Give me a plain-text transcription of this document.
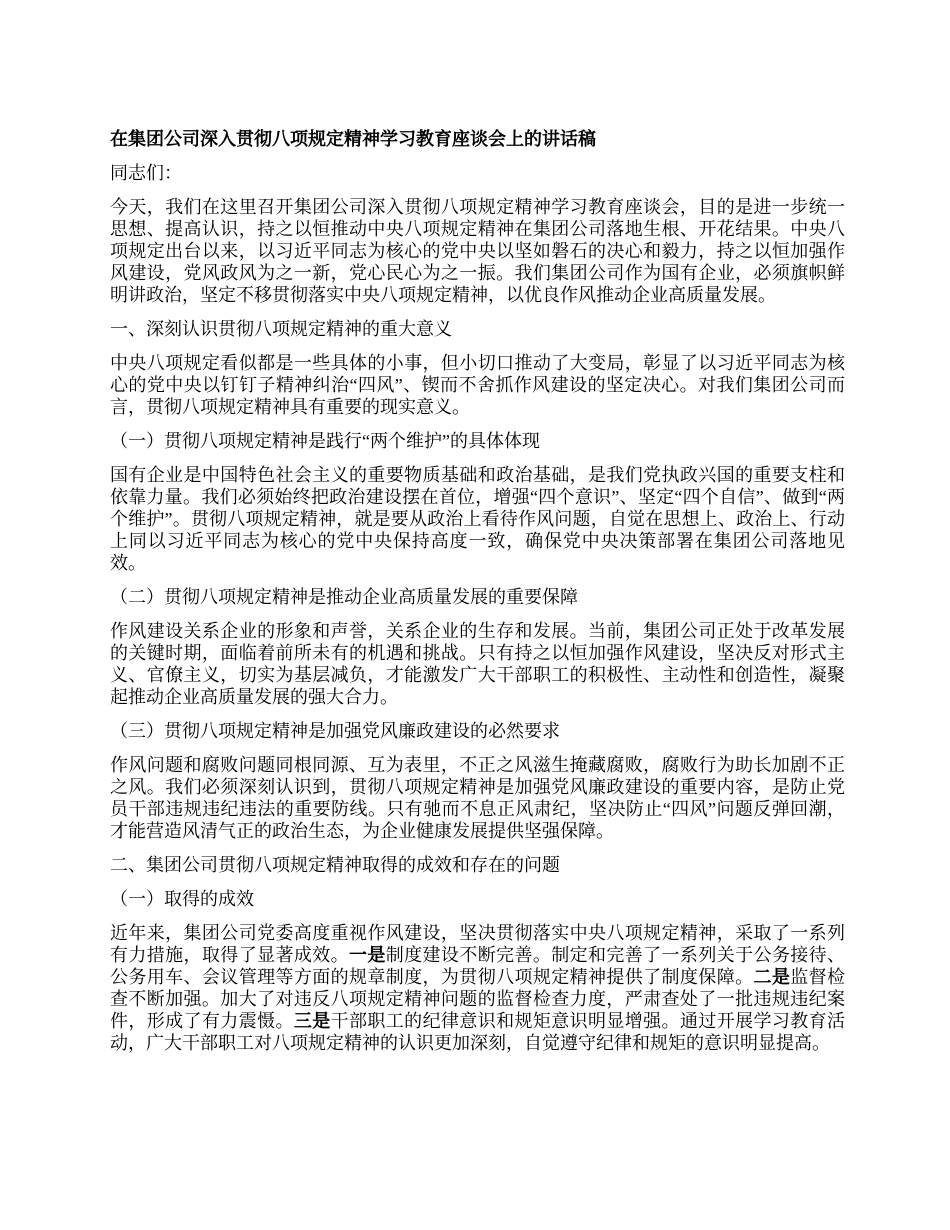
在集团公司深入贯彻八项规定精神学习教育座谈会上的讲话稿

同志们：

今天，我们在这里召开集团公司深入贯彻八项规定精神学习教育座谈会，目的是进一步统一思想、提高认识，持之以恒推动中央八项规定精神在集团公司落地生根、开花结果。中央八项规定出台以来，以习近平同志为核心的党中央以坚如磐石的决心和毅力，持之以恒加强作风建设，党风政风为之一新，党心民心为之一振。我们集团公司作为国有企业，必须旗帜鲜明讲政治，坚定不移贯彻落实中央八项规定精神，以优良作风推动企业高质量发展。

一、深刻认识贯彻八项规定精神的重大意义

中央八项规定看似都是一些具体的小事，但小切口推动了大变局，彰显了以习近平同志为核心的党中央以钉钉子精神纠治“四风”、锲而不舍抓作风建设的坚定决心。对我们集团公司而言，贯彻八项规定精神具有重要的现实意义。

（一）贯彻八项规定精神是践行“两个维护”的具体体现

国有企业是中国特色社会主义的重要物质基础和政治基础，是我们党执政兴国的重要支柱和依靠力量。我们必须始终把政治建设摆在首位，增强“四个意识”、坚定“四个自信”、做到“两个维护”。贯彻八项规定精神，就是要从政治上看待作风问题，自觉在思想上、政治上、行动上同以习近平同志为核心的党中央保持高度一致，确保党中央决策部署在集团公司落地见效。

（二）贯彻八项规定精神是推动企业高质量发展的重要保障

作风建设关系企业的形象和声誉，关系企业的生存和发展。当前，集团公司正处于改革发展的关键时期，面临着前所未有的机遇和挑战。只有持之以恒加强作风建设，坚决反对形式主义、官僚主义，切实为基层减负，才能激发广大干部职工的积极性、主动性和创造性，凝聚起推动企业高质量发展的强大合力。

（三）贯彻八项规定精神是加强党风廉政建设的必然要求

作风问题和腐败问题同根同源、互为表里，不正之风滋生掩藏腐败，腐败行为助长加剧不正之风。我们必须深刻认识到，贯彻八项规定精神是加强党风廉政建设的重要内容，是防止党员干部违规违纪违法的重要防线。只有驰而不息正风肃纪，坚决防止“四风”问题反弹回潮，才能营造风清气正的政治生态，为企业健康发展提供坚强保障。

二、集团公司贯彻八项规定精神取得的成效和存在的问题
（一）取得的成效

近年来，集团公司党委高度重视作风建设，坚决贯彻落实中央八项规定精神，采取了一系列有力措施，取得了显著成效。一是制度建设不断完善。制定和完善了一系列关于公务接待、公务用车、会议管理等方面的规章制度，为贯彻八项规定精神提供了制度保障。二是监督检查不断加强。加大了对违反八项规定精神问题的监督检查力度，严肃查处了一批违规违纪案件，形成了有力震慑。三是干部职工的纪律意识和规矩意识明显增强。通过开展学习教育活动，广大干部职工对八项规定精神的认识更加深刻，自觉遵守纪律和规矩的意识明显提高。
